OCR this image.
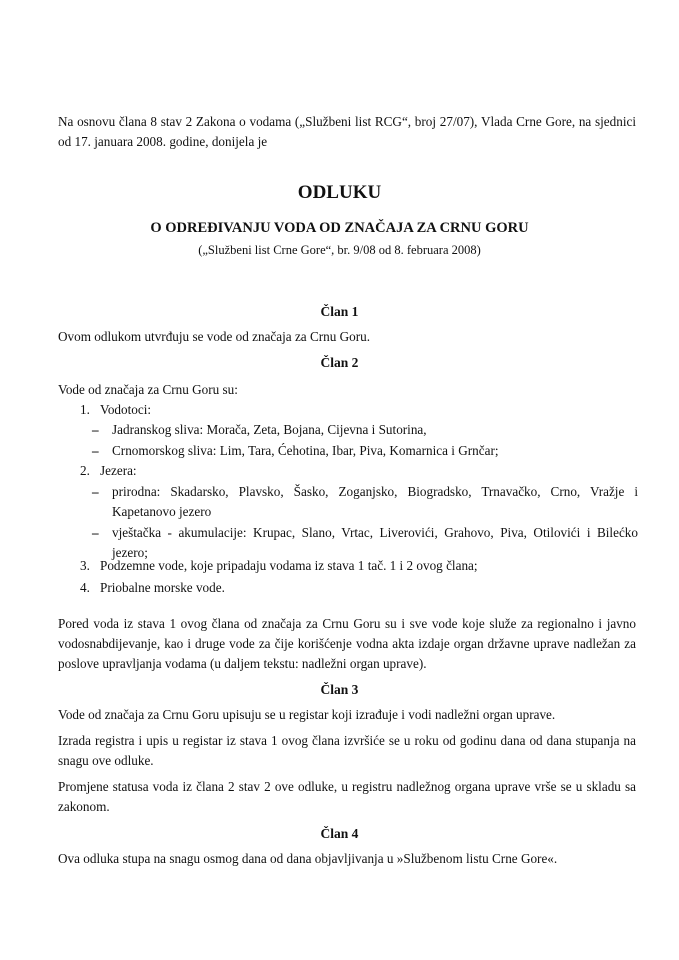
Na osnovu člana 8 stav 2 Zakona o vodama („Službeni list RCG“, broj 27/07), Vlada Crne Gore, na sjednici od 17. januara 2008. godine, donijela je
ODLUKU
O ODREĐIVANJU VODA OD ZNAČAJA ZA CRNU GORU
(„Službeni list Crne Gore“, br. 9/08 od 8. februara 2008)
Član 1
Ovom odlukom utvrđuju se vode od značaja za Crnu Goru.
Član 2
Vode od značaja za Crnu Goru su:
1. Vodotoci:
– Jadranskog sliva: Morača, Zeta, Bojana, Cijevna i Sutorina,
– Crnomorskog sliva: Lim, Tara, Ćehotina, Ibar, Piva, Komarnica i Grnčar;
2. Jezera:
– prirodna: Skadarsko, Plavsko, Šasko, Zoganjsko, Biogradsko, Trnavačko, Crno, Vražje i Kapetanovo jezero
– vještačka - akumulacije: Krupac, Slano, Vrtac, Liverovići, Grahovo, Piva, Otilovići i Bilećko jezero;
3. Podzemne vode, koje pripadaju vodama iz stava 1 tač. 1 i 2 ovog člana;
4. Priobalne morske vode.
Pored voda iz stava 1 ovog člana od značaja za Crnu Goru su i sve vode koje služe za regionalno i javno vodosnabdijevanje, kao i druge vode za čije korišćenje vodna akta izdaje organ državne uprave nadležan za poslove upravljanja vodama (u daljem tekstu: nadležni organ uprave).
Član 3
Vode od značaja za Crnu Goru upisuju se u registar koji izrađuje i vodi nadležni organ uprave.
Izrada registra i upis u registar iz stava 1 ovog člana izvršiće se u roku od godinu dana od dana stupanja na snagu ove odluke.
Promjene statusa voda iz člana 2 stav 2 ove odluke, u registru nadležnog organa uprave vrše se u skladu sa zakonom.
Član 4
Ova odluka stupa na snagu osmog dana od dana objavljivanja u »Službenom listu Crne Gore«.
